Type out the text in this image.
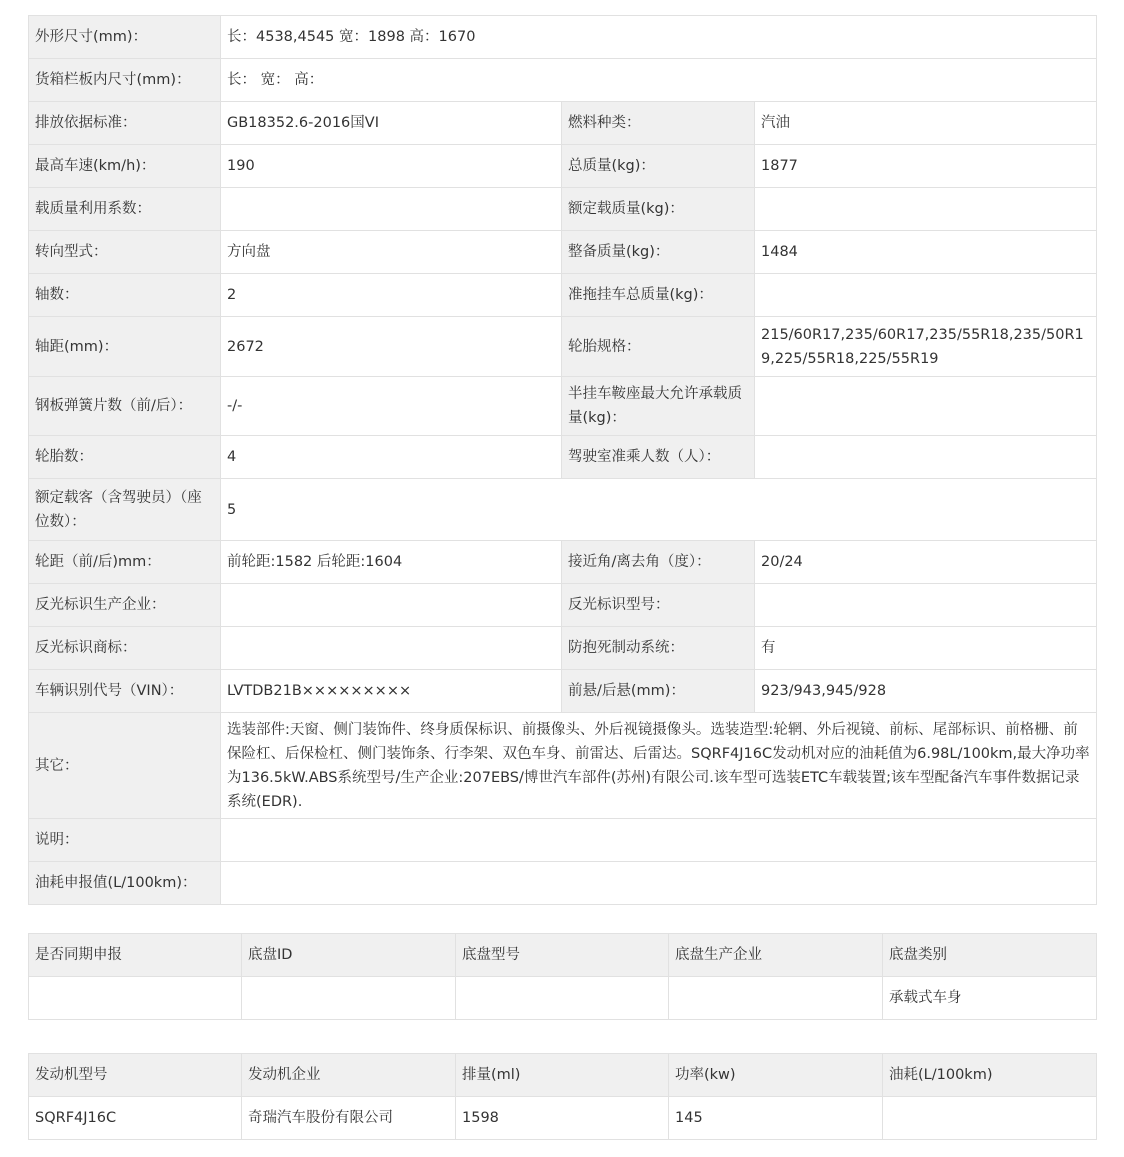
外形尺寸(mm)：	长：4538,4545 宽：1898 高：1670		
货箱栏板内尺寸(mm)：	长： 宽： 高：		
排放依据标准：	GB18352.6-2016国VI	燃料种类：	汽油
最高车速(km/h)：	190	总质量(kg)：	1877
载质量利用系数：		额定载质量(kg)：	
转向型式：	方向盘	整备质量(kg)：	1484
轴数：	2	准拖挂车总质量(kg)：	
轴距(mm)：	2672	轮胎规格：	215/60R17,235/60R17,235/55R18,235/50R19,225/55R18,225/55R19
钢板弹簧片数（前/后）：	-/-	半挂车鞍座最大允许承载质量(kg)：	
轮胎数：	4	驾驶室准乘人数（人）：	
额定载客（含驾驶员）（座位数）：	5		
轮距（前/后)mm：	前轮距:1582 后轮距:1604	接近角/离去角（度）：	20/24
反光标识生产企业：		反光标识型号：	
反光标识商标：		防抱死制动系统：	有
车辆识别代号（VIN）：	LVTDB21B×××××××××	前悬/后悬(mm)：	923/943,945/928
其它：	选装部件:天窗、侧门装饰件、终身质保标识、前摄像头、外后视镜摄像头。选装造型:轮辋、外后视镜、前标、尾部标识、前格栅、前保险杠、后保检杠、侧门装饰条、行李架、双色车身、前雷达、后雷达。SQRF4J16C发动机对应的油耗值为6.98L/100km,最大净功率为136.5kW.ABS系统型号/生产企业:207EBS/博世汽车部件(苏州)有限公司.该车型可选装ETC车载装置;该车型配备汽车事件数据记录系统(EDR).		
说明：			
油耗申报值(L/100km)：			
是否同期申报	底盘ID	底盘型号	底盘生产企业	底盘类别
				承载式车身
发动机型号	发动机企业	排量(ml)	功率(kw)	油耗(L/100km)
SQRF4J16C	奇瑞汽车股份有限公司	1598	145	
